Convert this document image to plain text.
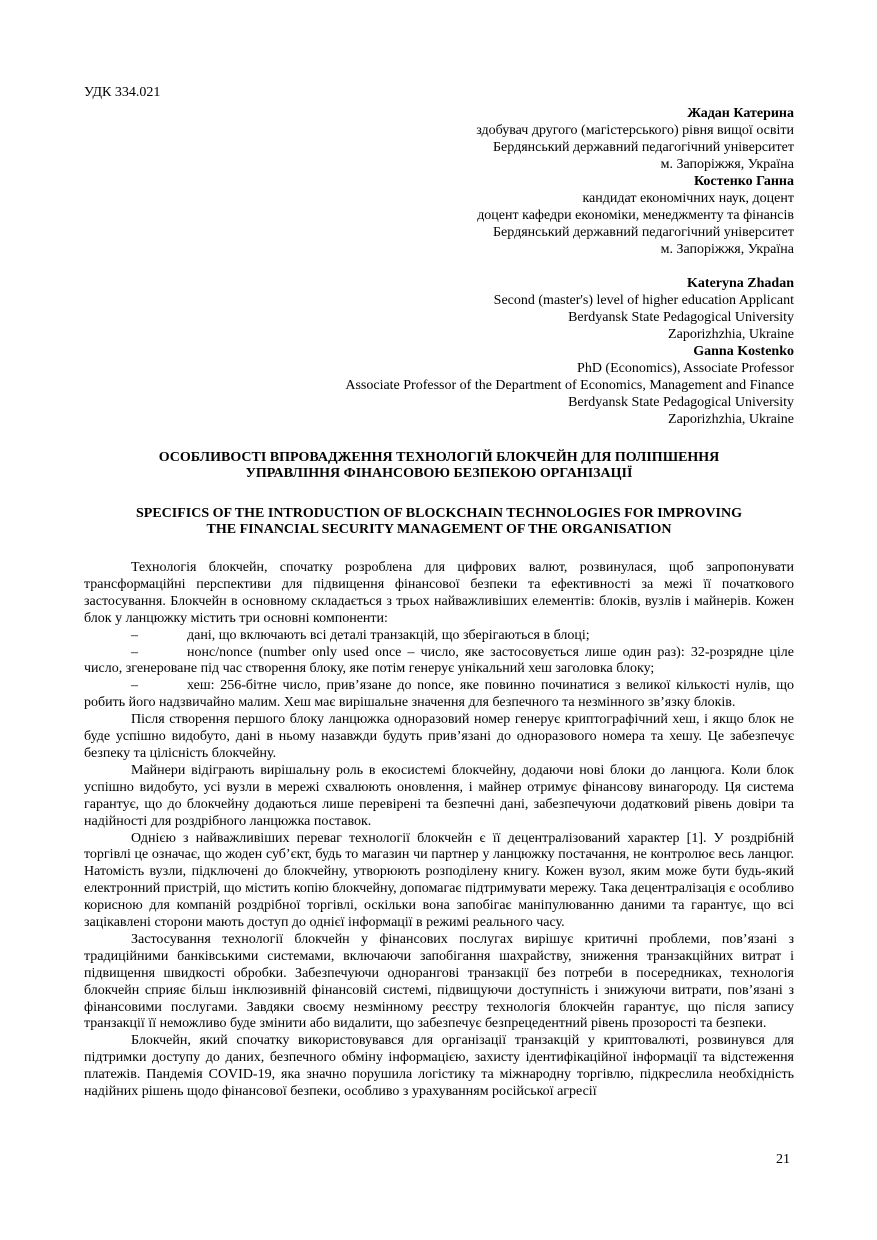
УДК 334.021
Жадан Катерина
здобувач другого (магістерського) рівня вищої освіти
Бердянський державний педагогічний університет
м. Запоріжжя, Україна
Костенко Ганна
кандидат економічних наук, доцент
доцент кафедри економіки, менеджменту та фінансів
Бердянський державний педагогічний університет
м. Запоріжжя, Україна
Kateryna Zhadan
Second (master's) level of higher education Applicant
Berdyansk State Pedagogical University
Zaporizhzhia, Ukraine
Ganna Kostenko
PhD (Economics), Associate Professor
Associate Professor of the Department of Economics, Management and Finance
Berdyansk State Pedagogical University
Zaporizhzhia, Ukraine
ОСОБЛИВОСТІ ВПРОВАДЖЕННЯ ТЕХНОЛОГІЙ БЛОКЧЕЙН ДЛЯ ПОЛІПШЕННЯ
УПРАВЛІННЯ ФІНАНСОВОЮ БЕЗПЕКОЮ ОРГАНІЗАЦІЇ
SPECIFICS OF THE INTRODUCTION OF BLOCKCHAIN TECHNOLOGIES FOR IMPROVING
THE FINANCIAL SECURITY MANAGEMENT OF THE ORGANISATION

Технологія блокчейн, спочатку розроблена для цифрових валют, розвинулася, щоб запропонувати трансформаційні перспективи для підвищення фінансової безпеки та ефективності за межі її початкового застосування. Блокчейн в основному складається з трьох найважливіших елементів: блоків, вузлів і майнерів. Кожен блок у ланцюжку містить три основні компоненти:

–	дані, що включають всі деталі транзакцій, що зберігаються в блоці;

–	нонс/nonce (number only used once – число, яке застосовується лише один раз): 32-розрядне ціле число, згенероване під час створення блоку, яке потім генерує унікальний хеш заголовка блоку;

–	хеш: 256-бітне число, прив’язане до nonce, яке повинно починатися з великої кількості нулів, що робить його надзвичайно малим. Хеш має вирішальне значення для безпечного та незмінного зв’язку блоків.

Після створення першого блоку ланцюжка одноразовий номер генерує криптографічний хеш, і якщо блок не буде успішно видобуто, дані в ньому назавжди будуть прив’язані до одноразового номера та хешу. Це забезпечує безпеку та цілісність блокчейну.

Майнери відіграють вирішальну роль в екосистемі блокчейну, додаючи нові блоки до ланцюга. Коли блок успішно видобуто, усі вузли в мережі схвалюють оновлення, і майнер отримує фінансову винагороду. Ця система гарантує, що до блокчейну додаються лише перевірені та безпечні дані, забезпечуючи додатковий рівень довіри та надійності для роздрібного ланцюжка поставок.

Однією з найважливіших переваг технології блокчейн є її децентралізований характер [1]. У роздрібній торгівлі це означає, що жоден суб’єкт, будь то магазин чи партнер у ланцюжку постачання, не контролює весь ланцюг. Натомість вузли, підключені до блокчейну, утворюють розподілену книгу. Кожен вузол, яким може бути будь-який електронний пристрій, що містить копію блокчейну, допомагає підтримувати мережу. Така децентралізація є особливо корисною для компаній роздрібної торгівлі, оскільки вона запобігає маніпулюванню даними та гарантує, що всі зацікавлені сторони мають доступ до однієї інформації в режимі реального часу.

Застосування технології блокчейн у фінансових послугах вирішує критичні проблеми, пов’язані з традиційними банківськими системами, включаючи запобігання шахрайству, зниження транзакційних витрат і підвищення швидкості обробки. Забезпечуючи однорангові транзакції без потреби в посередниках, технологія блокчейн сприяє більш інклюзивній фінансовій системі, підвищуючи доступність і знижуючи витрати, пов’язані з фінансовими послугами. Завдяки своєму незмінному реєстру технологія блокчейн гарантує, що після запису транзакції її неможливо буде змінити або видалити, що забезпечує безпрецедентний рівень прозорості та безпеки.

Блокчейн, який спочатку використовувався для організації транзакцій у криптовалюті, розвинувся для підтримки доступу до даних, безпечного обміну інформацією, захисту ідентифікаційної інформації та відстеження платежів. Пандемія COVID-19, яка значно порушила логістику та міжнародну торгівлю, підкреслила необхідність надійних рішень щодо фінансової безпеки, особливо з урахуванням російської агресії

21
